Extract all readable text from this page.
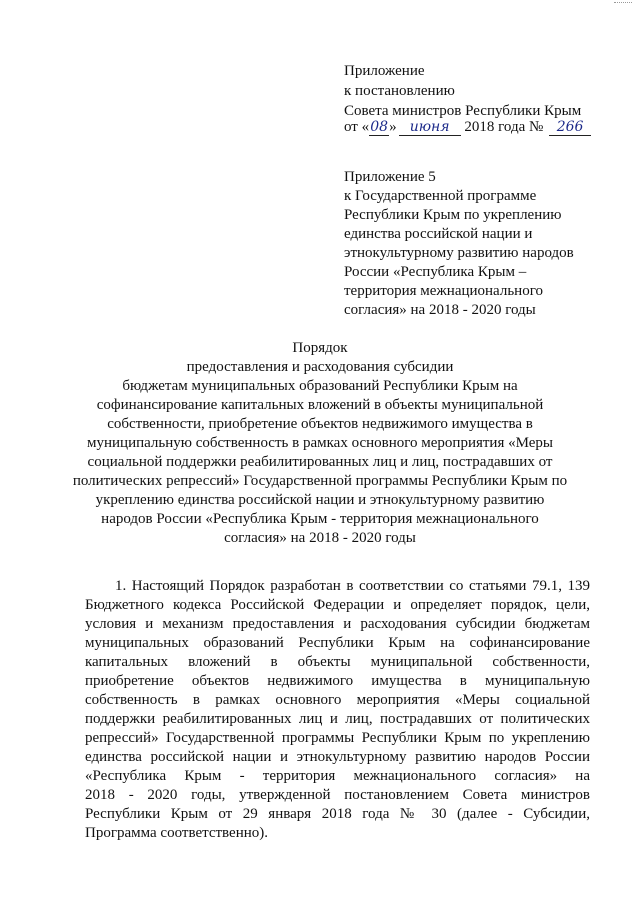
Приложение
к постановлению
Совета министров Республики Крым
от «08» июня 2018 года № 266
Приложение 5
к Государственной программе
Республики Крым по укреплению
единства российской нации и
этнокультурному развитию народов
России «Республика Крым –
территория межнационального
согласия» на 2018 - 2020 годы
Порядок
предоставления и расходования субсидии
бюджетам муниципальных образований Республики Крым на
софинансирование капитальных вложений в объекты муниципальной
собственности, приобретение объектов недвижимого имущества в
муниципальную собственность в рамках основного мероприятия «Меры
социальной поддержки реабилитированных лиц и лиц, пострадавших от
политических репрессий» Государственной программы Республики Крым по
укреплению единства российской нации и этнокультурному развитию
народов России «Республика Крым - территория межнационального
согласия» на 2018 - 2020 годы
1. Настоящий Порядок разработан в соответствии со статьями 79.1, 139
Бюджетного кодекса Российской Федерации и определяет порядок, цели,
условия и механизм предоставления и расходования субсидии бюджетам
муниципальных образований Республики Крым на софинансирование
капитальных вложений в объекты муниципальной собственности,
приобретение объектов недвижимого имущества в муниципальную
собственность в рамках основного мероприятия «Меры социальной
поддержки реабилитированных лиц и лиц, пострадавших от политических
репрессий» Государственной программы Республики Крым по укреплению
единства российской нации и этнокультурному развитию народов России
«Республика Крым - территория межнационального согласия» на
2018 - 2020 годы, утвержденной постановлением Совета министров
Республики Крым от 29 января 2018 года № 30 (далее - Субсидии,
Программа соответственно).
